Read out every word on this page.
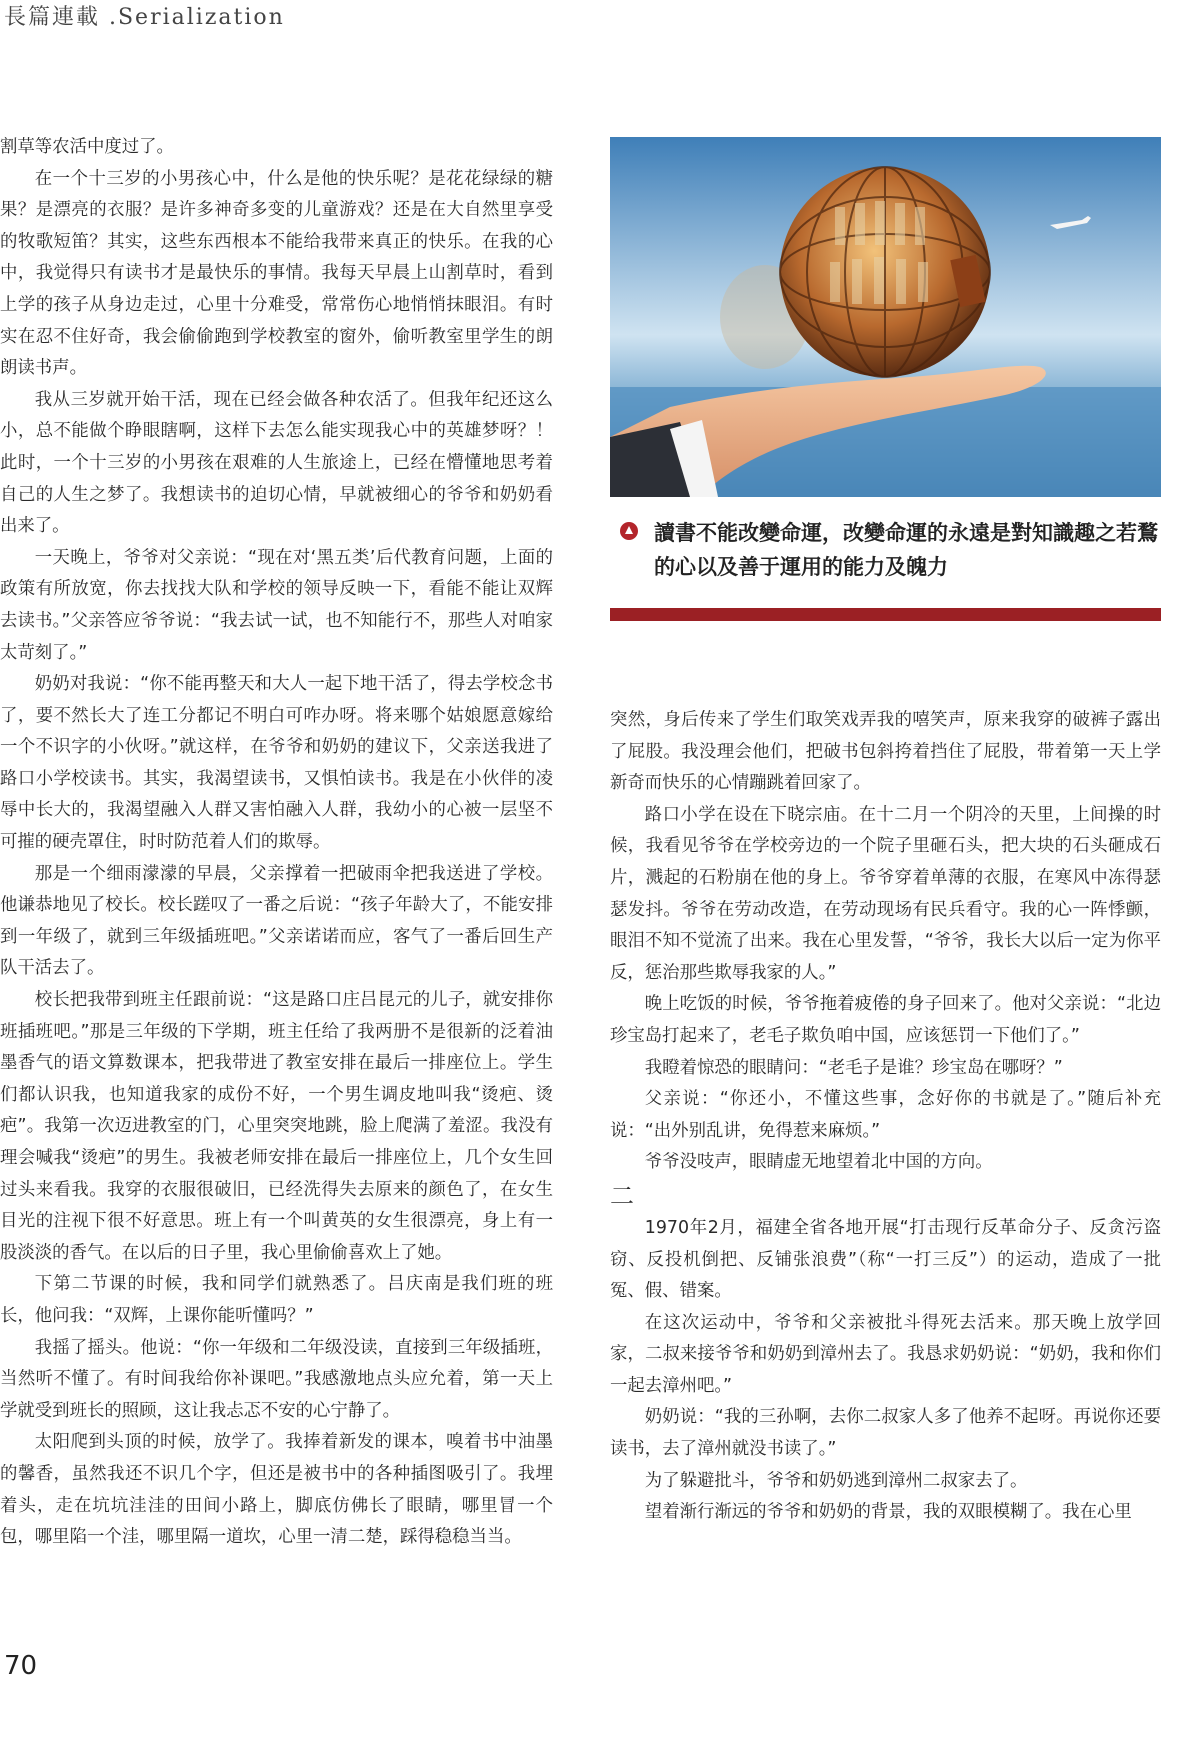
長篇連載 .Serialization

割草等农活中度过了。

在一个十三岁的小男孩心中，什么是他的快乐呢？是花花绿绿的糖果？是漂亮的衣服？是许多神奇多变的儿童游戏？还是在大自然里享受的牧歌短笛？其实，这些东西根本不能给我带来真正的快乐。在我的心中，我觉得只有读书才是最快乐的事情。我每天早晨上山割草时，看到上学的孩子从身边走过，心里十分难受，常常伤心地悄悄抹眼泪。有时实在忍不住好奇，我会偷偷跑到学校教室的窗外，偷听教室里学生的朗朗读书声。

我从三岁就开始干活，现在已经会做各种农活了。但我年纪还这么小，总不能做个睁眼瞎啊，这样下去怎么能实现我心中的英雄梦呀？！此时，一个十三岁的小男孩在艰难的人生旅途上，已经在懵懂地思考着自己的人生之梦了。我想读书的迫切心情，早就被细心的爷爷和奶奶看出来了。

一天晚上，爷爷对父亲说：“现在对‘黑五类’后代教育问题，上面的政策有所放宽，你去找找大队和学校的领导反映一下，看能不能让双辉去读书。”父亲答应爷爷说：“我去试一试，也不知能行不，那些人对咱家太苛刻了。”

奶奶对我说：“你不能再整天和大人一起下地干活了，得去学校念书了，要不然长大了连工分都记不明白可咋办呀。将来哪个姑娘愿意嫁给一个不识字的小伙呀。”就这样，在爷爷和奶奶的建议下，父亲送我进了路口小学校读书。其实，我渴望读书，又惧怕读书。我是在小伙伴的凌辱中长大的，我渴望融入人群又害怕融入人群，我幼小的心被一层坚不可摧的硬壳罩住，时时防范着人们的欺辱。

那是一个细雨濛濛的早晨，父亲撑着一把破雨伞把我送进了学校。他谦恭地见了校长。校长蹉叹了一番之后说：“孩子年龄大了，不能安排到一年级了，就到三年级插班吧。”父亲诺诺而应，客气了一番后回生产队干活去了。

校长把我带到班主任跟前说：“这是路口庄吕昆元的儿子，就安排你班插班吧。”那是三年级的下学期，班主任给了我两册不是很新的泛着油墨香气的语文算数课本，把我带进了教室安排在最后一排座位上。学生们都认识我，也知道我家的成份不好，一个男生调皮地叫我“烫疤、烫疤”。我第一次迈进教室的门，心里突突地跳，脸上爬满了羞涩。我没有理会喊我“烫疤”的男生。我被老师安排在最后一排座位上，几个女生回过头来看我。我穿的衣服很破旧，已经洗得失去原来的颜色了，在女生目光的注视下很不好意思。班上有一个叫黄英的女生很漂亮，身上有一股淡淡的香气。在以后的日子里，我心里偷偷喜欢上了她。

下第二节课的时候，我和同学们就熟悉了。吕庆南是我们班的班长，他问我：“双辉，上课你能听懂吗？”

我摇了摇头。他说：“你一年级和二年级没读，直接到三年级插班，当然听不懂了。有时间我给你补课吧。”我感激地点头应允着，第一天上学就受到班长的照顾，这让我忐忑不安的心宁静了。

太阳爬到头顶的时候，放学了。我捧着新发的课本，嗅着书中油墨的馨香，虽然我还不识几个字，但还是被书中的各种插图吸引了。我埋着头，走在坑坑洼洼的田间小路上，脚底仿佛长了眼睛，哪里冒一个包，哪里陷一个洼，哪里隔一道坎，心里一清二楚，踩得稳稳当当。

讀書不能改變命運，改變命運的永遠是對知識趣之若鶩的心以及善于運用的能力及魄力

突然，身后传来了学生们取笑戏弄我的嘻笑声，原来我穿的破裤子露出了屁股。我没理会他们，把破书包斜挎着挡住了屁股，带着第一天上学新奇而快乐的心情蹦跳着回家了。

路口小学在设在下晓宗庙。在十二月一个阴冷的天里，上间操的时候，我看见爷爷在学校旁边的一个院子里砸石头，把大块的石头砸成石片，溅起的石粉崩在他的身上。爷爷穿着单薄的衣服，在寒风中冻得瑟瑟发抖。爷爷在劳动改造，在劳动现场有民兵看守。我的心一阵悸颤，眼泪不知不觉流了出来。我在心里发誓，“爷爷，我长大以后一定为你平反，惩治那些欺辱我家的人。”

晚上吃饭的时候，爷爷拖着疲倦的身子回来了。他对父亲说：“北边珍宝岛打起来了，老毛子欺负咱中国，应该惩罚一下他们了。”

我瞪着惊恐的眼睛问：“老毛子是谁？珍宝岛在哪呀？”

父亲说：“你还小，不懂这些事，念好你的书就是了。”随后补充说：“出外别乱讲，免得惹来麻烦。”

爷爷没吱声，眼睛虚无地望着北中国的方向。

二

1970年2月，福建全省各地开展“打击现行反革命分子、反贪污盗窃、反投机倒把、反铺张浪费”（称“一打三反”）的运动，造成了一批冤、假、错案。

在这次运动中，爷爷和父亲被批斗得死去活来。那天晚上放学回家，二叔来接爷爷和奶奶到漳州去了。我恳求奶奶说：“奶奶，我和你们一起去漳州吧。”

奶奶说：“我的三孙啊，去你二叔家人多了他养不起呀。再说你还要读书，去了漳州就没书读了。”

为了躲避批斗，爷爷和奶奶逃到漳州二叔家去了。

望着渐行渐远的爷爷和奶奶的背景，我的双眼模糊了。我在心里

70
